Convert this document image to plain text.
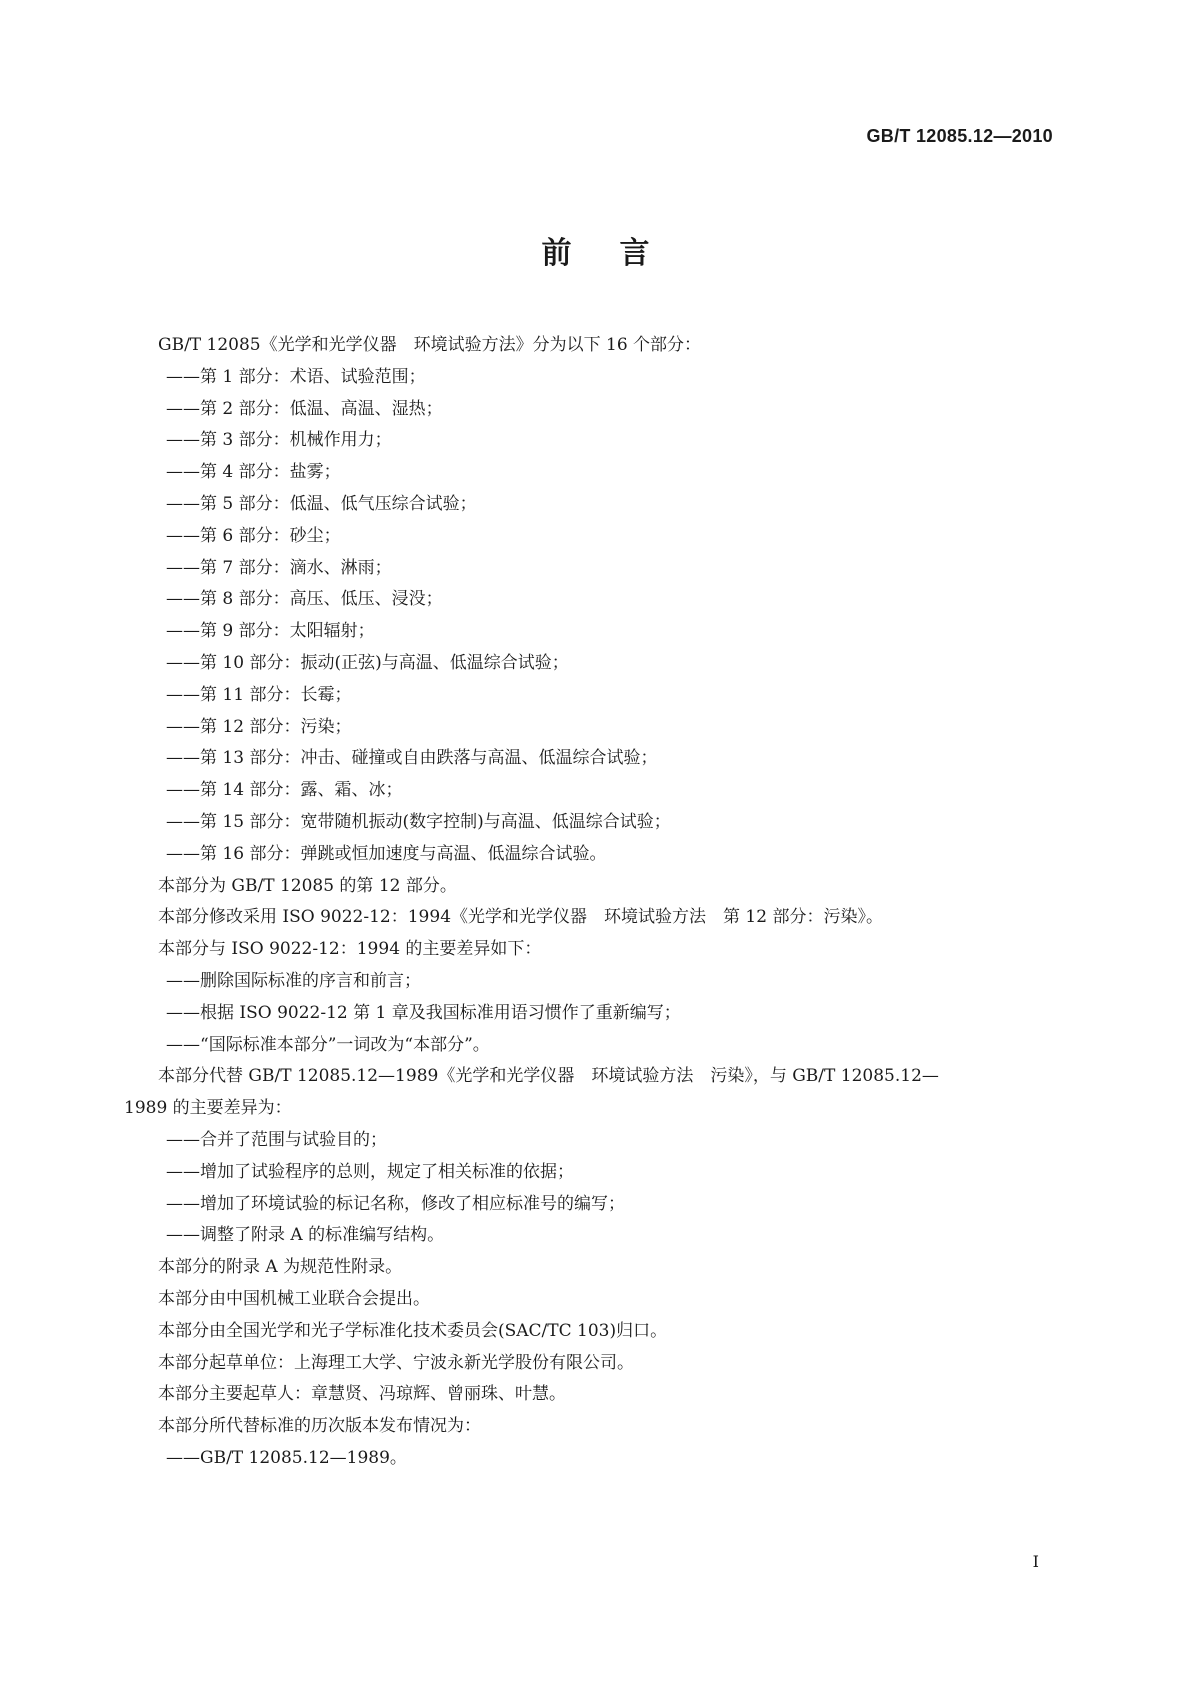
GB/T 12085.12—2010
前言

GB/T 12085《光学和光学仪器　环境试验方法》分为以下 16 个部分：

—— 第 1 部分：术语、试验范围；

—— 第 2 部分：低温、高温、湿热；

—— 第 3 部分：机械作用力；

—— 第 4 部分：盐雾；

—— 第 5 部分：低温、低气压综合试验；

—— 第 6 部分：砂尘；

—— 第 7 部分：滴水、淋雨；

—— 第 8 部分：高压、低压、浸没；

—— 第 9 部分：太阳辐射；

—— 第 10 部分：振动(正弦)与高温、低温综合试验；

—— 第 11 部分：长霉；

—— 第 12 部分：污染；

—— 第 13 部分：冲击、碰撞或自由跌落与高温、低温综合试验；

—— 第 14 部分：露、霜、冰；

—— 第 15 部分：宽带随机振动(数字控制)与高温、低温综合试验；

—— 第 16 部分：弹跳或恒加速度与高温、低温综合试验。

本部分为 GB/T 12085 的第 12 部分。

本部分修改采用 ISO 9022-12：1994《光学和光学仪器　环境试验方法　第 12 部分：污染》。

本部分与 ISO 9022-12：1994 的主要差异如下：

—— 删除国际标准的序言和前言；

—— 根据 ISO 9022-12 第 1 章及我国标准用语习惯作了重新编写；

—— “国际标准本部分”一词改为“本部分”。

本部分代替 GB/T 12085.12—1989《光学和光学仪器　环境试验方法　污染》，与 GB/T 12085.12—

1989 的主要差异为：

—— 合并了范围与试验目的；

—— 增加了试验程序的总则，规定了相关标准的依据；

—— 增加了环境试验的标记名称，修改了相应标准号的编写；

—— 调整了附录 A 的标准编写结构。

本部分的附录 A 为规范性附录。

本部分由中国机械工业联合会提出。

本部分由全国光学和光子学标准化技术委员会(SAC/TC 103)归口。

本部分起草单位：上海理工大学、宁波永新光学股份有限公司。

本部分主要起草人：章慧贤、冯琼辉、曾丽珠、叶慧。

本部分所代替标准的历次版本发布情况为：

—— GB/T 12085.12—1989。

I
